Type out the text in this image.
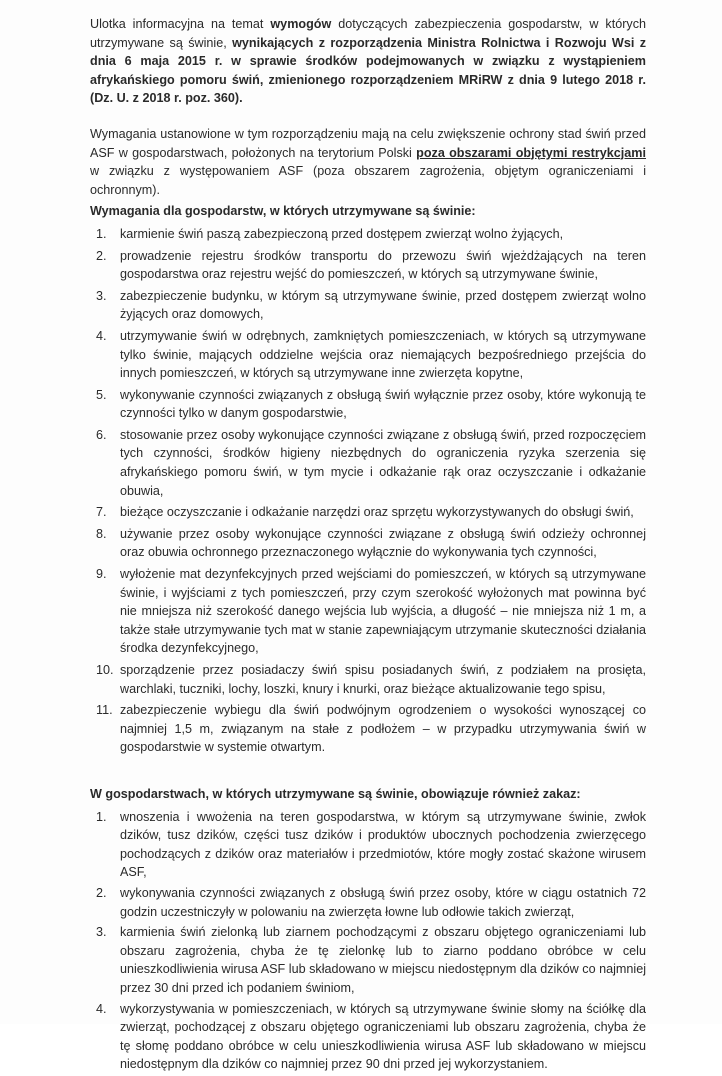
Ulotka informacyjna na temat wymogów dotyczących zabezpieczenia gospodarstw, w których utrzymywane są świnie, wynikających z rozporządzenia Ministra Rolnictwa i Rozwoju Wsi z dnia 6 maja 2015 r. w sprawie środków podejmowanych w związku z wystąpieniem afrykańskiego pomoru świń, zmienionego rozporządzeniem MRiRW z dnia 9 lutego 2018 r. (Dz. U. z 2018 r. poz. 360).

Wymagania ustanowione w tym rozporządzeniu mają na celu zwiększenie ochrony stad świń przed ASF w gospodarstwach, położonych na terytorium Polski poza obszarami objętymi restrykcjami w związku z występowaniem ASF (poza obszarem zagrożenia, objętym ograniczeniami i ochronnym).

Wymagania dla gospodarstw, w których utrzymywane są świnie:
1. karmienie świń paszą zabezpieczoną przed dostępem zwierząt wolno żyjących,
2. prowadzenie rejestru środków transportu do przewozu świń wjeżdżających na teren gospodarstwa oraz rejestru wejść do pomieszczeń, w których są utrzymywane świnie,
3. zabezpieczenie budynku, w którym są utrzymywane świnie, przed dostępem zwierząt wolno żyjących oraz domowych,
4. utrzymywanie świń w odrębnych, zamkniętych pomieszczeniach, w których są utrzymywane tylko świnie, mających oddzielne wejścia oraz niemających bezpośredniego przejścia do innych pomieszczeń, w których są utrzymywane inne zwierzęta kopytne,
5. wykonywanie czynności związanych z obsługą świń wyłącznie przez osoby, które wykonują te czynności tylko w danym gospodarstwie,
6. stosowanie przez osoby wykonujące czynności związane z obsługą świń, przed rozpoczęciem tych czynności, środków higieny niezbędnych do ograniczenia ryzyka szerzenia się afrykańskiego pomoru świń, w tym mycie i odkażanie rąk oraz oczyszczanie i odkażanie obuwia,
7. bieżące oczyszczanie i odkażanie narzędzi oraz sprzętu wykorzystywanych do obsługi świń,
8. używanie przez osoby wykonujące czynności związane z obsługą świń odzieży ochronnej oraz obuwia ochronnego przeznaczonego wyłącznie do wykonywania tych czynności,
9. wyłożenie mat dezynfekcyjnych przed wejściami do pomieszczeń, w których są utrzymywane świnie, i wyjściami z tych pomieszczeń, przy czym szerokość wyłożonych mat powinna być nie mniejsza niż szerokość danego wejścia lub wyjścia, a długość – nie mniejsza niż 1 m, a także stałe utrzymywanie tych mat w stanie zapewniającym utrzymanie skuteczności działania środka dezynfekcyjnego,
10. sporządzenie przez posiadaczy świń spisu posiadanych świń, z podziałem na prosięta, warchlaki, tuczniki, lochy, loszki, knury i knurki, oraz bieżące aktualizowanie tego spisu,
11. zabezpieczenie wybiegu dla świń podwójnym ogrodzeniem o wysokości wynoszącej co najmniej 1,5 m, związanym na stałe z podłożem – w przypadku utrzymywania świń w gospodarstwie w systemie otwartym.
W gospodarstwach, w których utrzymywane są świnie, obowiązuje również zakaz:
1. wnoszenia i wwożenia na teren gospodarstwa, w którym są utrzymywane świnie, zwłok dzików, tusz dzików, części tusz dzików i produktów ubocznych pochodzenia zwierzęcego pochodzących z dzików oraz materiałów i przedmiotów, które mogły zostać skażone wirusem ASF,
2. wykonywania czynności związanych z obsługą świń przez osoby, które w ciągu ostatnich 72 godzin uczestniczyły w polowaniu na zwierzęta łowne lub odłowie takich zwierząt,
3. karmienia świń zielonką lub ziarnem pochodzącymi z obszaru objętego ograniczeniami lub obszaru zagrożenia, chyba że tę zielonkę lub to ziarno poddano obróbce w celu unieszkodliwienia wirusa ASF lub składowano w miejscu niedostępnym dla dzików co najmniej przez 30 dni przed ich podaniem świniom,
4. wykorzystywania w pomieszczeniach, w których są utrzymywane świnie słomy na ściółkę dla zwierząt, pochodzącej z obszaru objętego ograniczeniami lub obszaru zagrożenia, chyba że tę słomę poddano obróbce w celu unieszkodliwienia wirusa ASF lub składowano w miejscu niedostępnym dla dzików co najmniej przez 90 dni przed jej wykorzystaniem.
